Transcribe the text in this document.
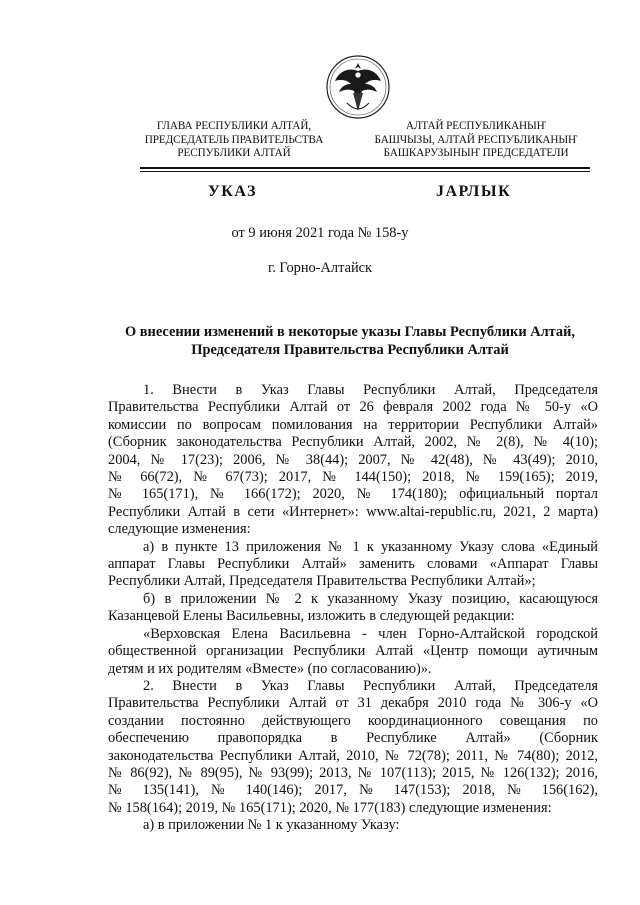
ГЛАВА РЕСПУБЛИКИ АЛТАЙ,
ПРЕДСЕДАТЕЛЬ ПРАВИТЕЛЬСТВА
РЕСПУБЛИКИ АЛТАЙ
АЛТАЙ РЕСПУБЛИКАНЫҤ
БАШЧЫЗЫ, АЛТАЙ РЕСПУБЛИКАНЫҤ
БАШКАРУЗЫНЫҤ ПРЕДСЕДАТЕЛИ
УКАЗ	JАРЛЫК
от 9 июня 2021 года № 158-у
г. Горно-Алтайск
О внесении изменений в некоторые указы Главы Республики Алтай,
Председателя Правительства Республики Алтай

1. Внести в Указ Главы Республики Алтай, Председателя
Правительства Республики Алтай от 26 февраля 2002 года № 50-у «О
комиссии по вопросам помилования на территории Республики Алтай»
(Сборник законодательства Республики Алтай, 2002, № 2(8), № 4(10);
2004, № 17(23); 2006, № 38(44); 2007, № 42(48), № 43(49); 2010,
№ 66(72), № 67(73); 2017, № 144(150); 2018, № 159(165); 2019,
№ 165(171), № 166(172); 2020, № 174(180); официальный портал
Республики Алтай в сети «Интернет»: www.altai-republic.ru, 2021, 2 марта)
следующие изменения:

а) в пункте 13 приложения № 1 к указанному Указу слова «Единый
аппарат Главы Республики Алтай» заменить словами «Аппарат Главы
Республики Алтай, Председателя Правительства Республики Алтай»;

б) в приложении № 2 к указанному Указу позицию, касающуюся
Казанцевой Елены Васильевны, изложить в следующей редакции:

«Верховская Елена Васильевна - член Горно-Алтайской городской
общественной организации Республики Алтай «Центр помощи аутичным
детям и их родителям «Вместе» (по согласованию)».

2. Внести в Указ Главы Республики Алтай, Председателя
Правительства Республики Алтай от 31 декабря 2010 года № 306-у «О
создании постоянно действующего координационного совещания по
обеспечению правопорядка в Республике Алтай» (Сборник
законодательства Республики Алтай, 2010, № 72(78); 2011, № 74(80); 2012,
№ 86(92), № 89(95), № 93(99); 2013, № 107(113); 2015, № 126(132); 2016,
№ 135(141), № 140(146); 2017, № 147(153); 2018, № 156(162),
№ 158(164); 2019, № 165(171); 2020, № 177(183) следующие изменения:

а) в приложении № 1 к указанному Указу:
